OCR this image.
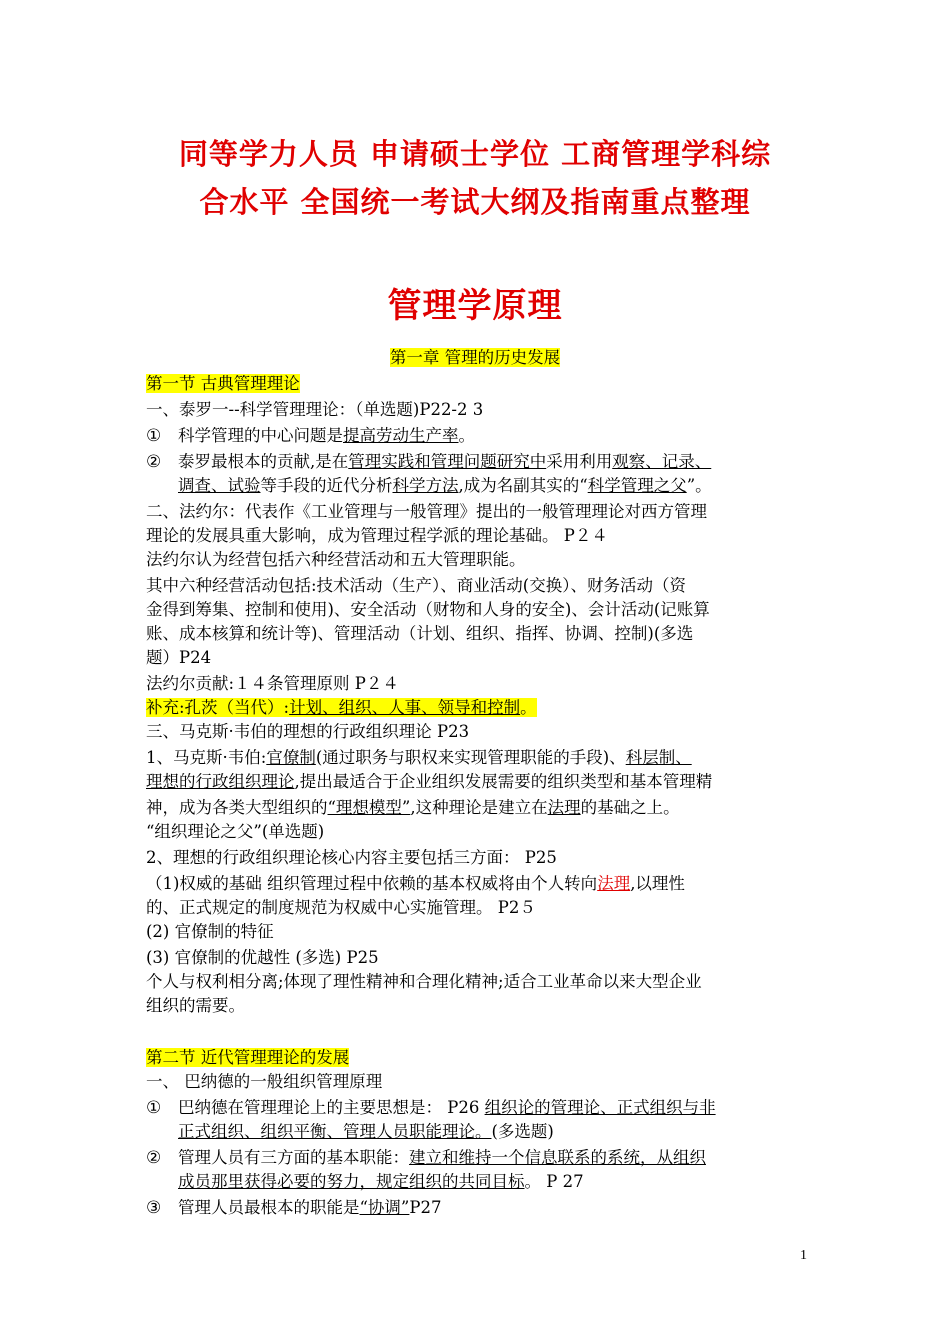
同等学力人员 申请硕士学位 工商管理学科综
合水平 全国统一考试大纲及指南重点整理
管理学原理
第一章 管理的历史发展
第一节 古典管理理论
一、泰罗一--科学管理理论：（单选题)P22-2 3
① 科学管理的中心问题是提高劳动生产率。
② 泰罗最根本的贡献,是在管理实践和管理问题研究中采用利用观察、记录、
调查、试验等手段的近代分析科学方法,成为名副其实的“科学管理之父”。
二、法约尔：代表作《工业管理与一般管理》提出的一般管理理论对西方管理
理论的发展具重大影响，成为管理过程学派的理论基础。 P２４
法约尔认为经营包括六种经营活动和五大管理职能。
其中六种经营活动包括:技术活动（生产）、商业活动(交换）、财务活动（资
金得到筹集、控制和使用)、安全活动（财物和人身的安全)、会计活动(记账算
账、成本核算和统计等)、管理活动（计划、组织、指挥、协调、控制)(多选
题）P24
法约尔贡献:１４条管理原则 P２４
补充:孔茨（当代）:计划、组织、人事、领导和控制。
三、马克斯·韦伯的理想的行政组织理论 P23
1、马克斯·韦伯:官僚制(通过职务与职权来实现管理职能的手段)、科层制、
理想的行政组织理论,提出最适合于企业组织发展需要的组织类型和基本管理精
神，成为各类大型组织的“理想模型”,这种理论是建立在法理的基础之上。
“组织理论之父”(单选题)
2、理想的行政组织理论核心内容主要包括三方面： P25
（1)权威的基础 组织管理过程中依赖的基本权威将由个人转向法理,以理性
的、正式规定的制度规范为权威中心实施管理。 P2５
(2) 官僚制的特征
(3) 官僚制的优越性 (多选) P25
个人与权利相分离;体现了理性精神和合理化精神;适合工业革命以来大型企业
组织的需要。
第二节 近代管理理论的发展
一、 巴纳德的一般组织管理原理
① 巴纳德在管理理论上的主要思想是： P26 组织论的管理论、正式组织与非
正式组织、组织平衡、管理人员职能理论。(多选题)
② 管理人员有三方面的基本职能：建立和维持一个信息联系的系统，从组织
成员那里获得必要的努力，规定组织的共同目标。 P 27
③ 管理人员最根本的职能是“协调”P27
1
